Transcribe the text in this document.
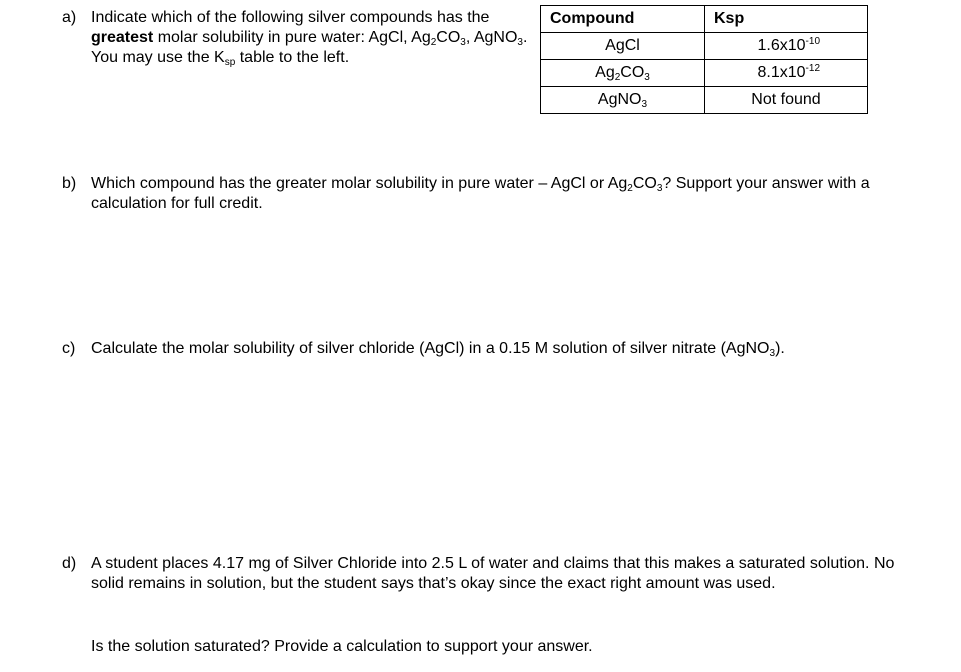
a) Indicate which of the following silver compounds has the greatest molar solubility in pure water: AgCl, $Ag_2CO_3$, AgNO$_3$. You may use the $K_{sp}$ table to the left.
Compound	Ksp
AgCl	$1.6x10^{-10}$
$Ag_2CO_3$	$8.1x10^{-12}$
AgNO$_3$	Not found
b) Which compound has the greater molar solubility in pure water – AgCl or $Ag_2CO_3$? Support your answer with a calculation for full credit.
c) Calculate the molar solubility of silver chloride (AgCl) in a 0.15 M solution of silver nitrate (AgNO$_3$).
d) A student places 4.17 mg of Silver Chloride into 2.5 L of water and claims that this makes a saturated solution. No solid remains in solution, but the student says that’s okay since the exact right amount was used.
Is the solution saturated? Provide a calculation to support your answer.
